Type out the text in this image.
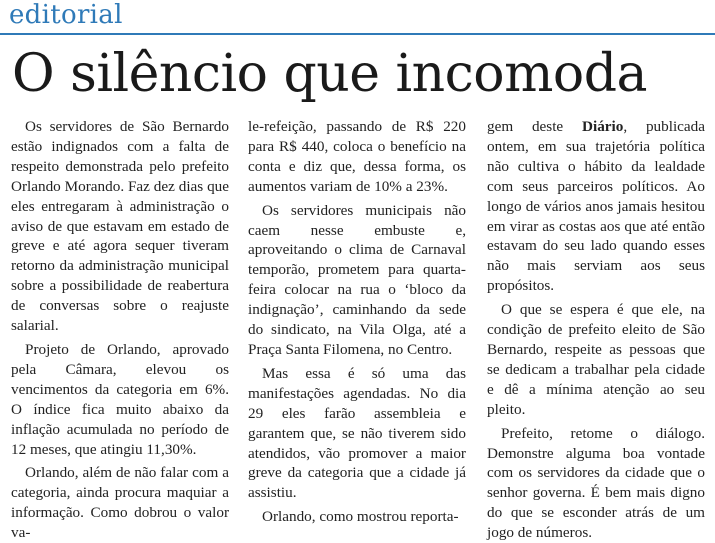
editorial
O silêncio que incomoda

Os servidores de São Bernardo estão indignados com a falta de respeito demonstrada pelo prefeito Orlando Morando. Faz dez dias que eles entregaram à administração o aviso de que estavam em estado de greve e até agora sequer tiveram retorno da administração municipal sobre a possibilidade de reabertura de conversas sobre o reajuste salarial.

Projeto de Orlando, aprovado pela Câmara, elevou os vencimentos da categoria em 6%. O índice fica muito abaixo da inflação acumulada no período de 12 meses, que atingiu 11,30%.

Orlando, além de não falar com a categoria, ainda procura maquiar a informação. Como dobrou o valor va-

le-refeição, passando de R$ 220 para R$ 440, coloca o benefício na conta e diz que, dessa forma, os aumentos variam de 10% a 23%.

Os servidores municipais não caem nesse embuste e, aproveitando o clima de Carnaval temporão, prometem para quarta-feira colocar na rua o ‘bloco da indignação’, caminhando da sede do sindicato, na Vila Olga, até a Praça Santa Filomena, no Centro.

Mas essa é só uma das manifestações agendadas. No dia 29 eles farão assembleia e garantem que, se não tiverem sido atendidos, vão promover a maior greve da categoria que a cidade já assistiu.

Orlando, como mostrou reporta-

gem deste Diário, publicada ontem, em sua trajetória política não cultiva o hábito da lealdade com seus parceiros políticos. Ao longo de vários anos jamais hesitou em virar as costas aos que até então estavam do seu lado quando esses não mais serviam aos seus propósitos.

O que se espera é que ele, na condição de prefeito eleito de São Bernardo, respeite as pessoas que se dedicam a trabalhar pela cidade e dê a mínima atenção ao seu pleito.

Prefeito, retome o diálogo. Demonstre alguma boa vontade com os servidores da cidade que o senhor governa. É bem mais digno do que se esconder atrás de um jogo de números.
